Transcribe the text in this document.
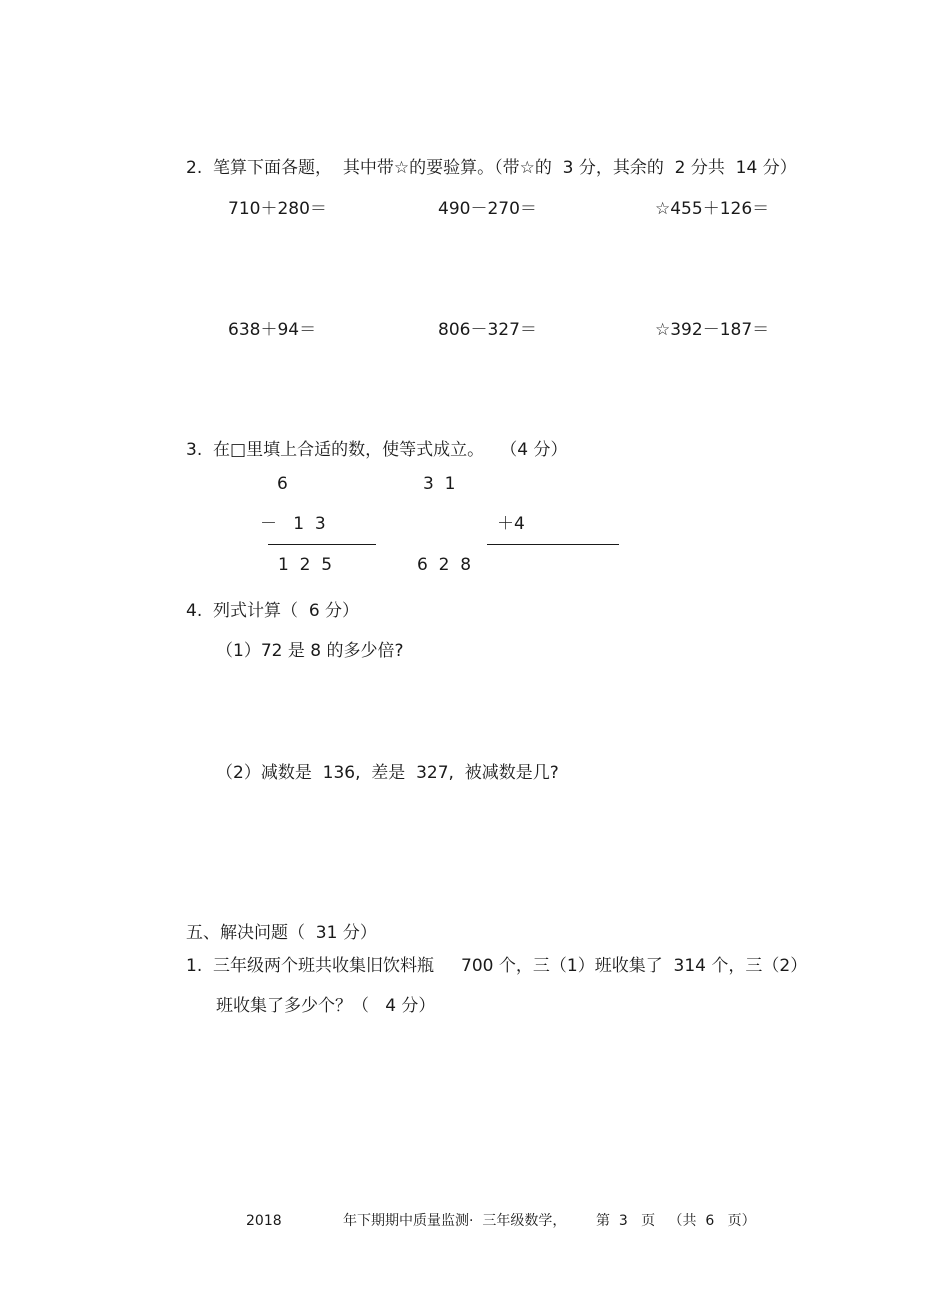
2.  笔算下面各题，  其中带☆的要验算。（带☆的  3 分，其余的  2 分共  14 分）
710＋280＝	490－270＝	☆455＋126＝
638＋94＝	806－327＝	☆392－187＝
3.  在□里填上合适的数，使等式成立。   （4 分）
6
－   1  3
1  2  5
3  1
＋4
6  2  8
4.  列式计算（  6 分）
（1）72 是 8 的多少倍?
（2）减数是  136,  差是  327,  被减数是几?
五、解决问题（  31 分）
1.  三年级两个班共收集旧饮料瓶     700 个，三（1）班收集了  314 个，三（2）
班收集了多少个？（   4 分）
2018	年下期期中质量监测·  三年级数学， 第  3   页   （共  6   页）
